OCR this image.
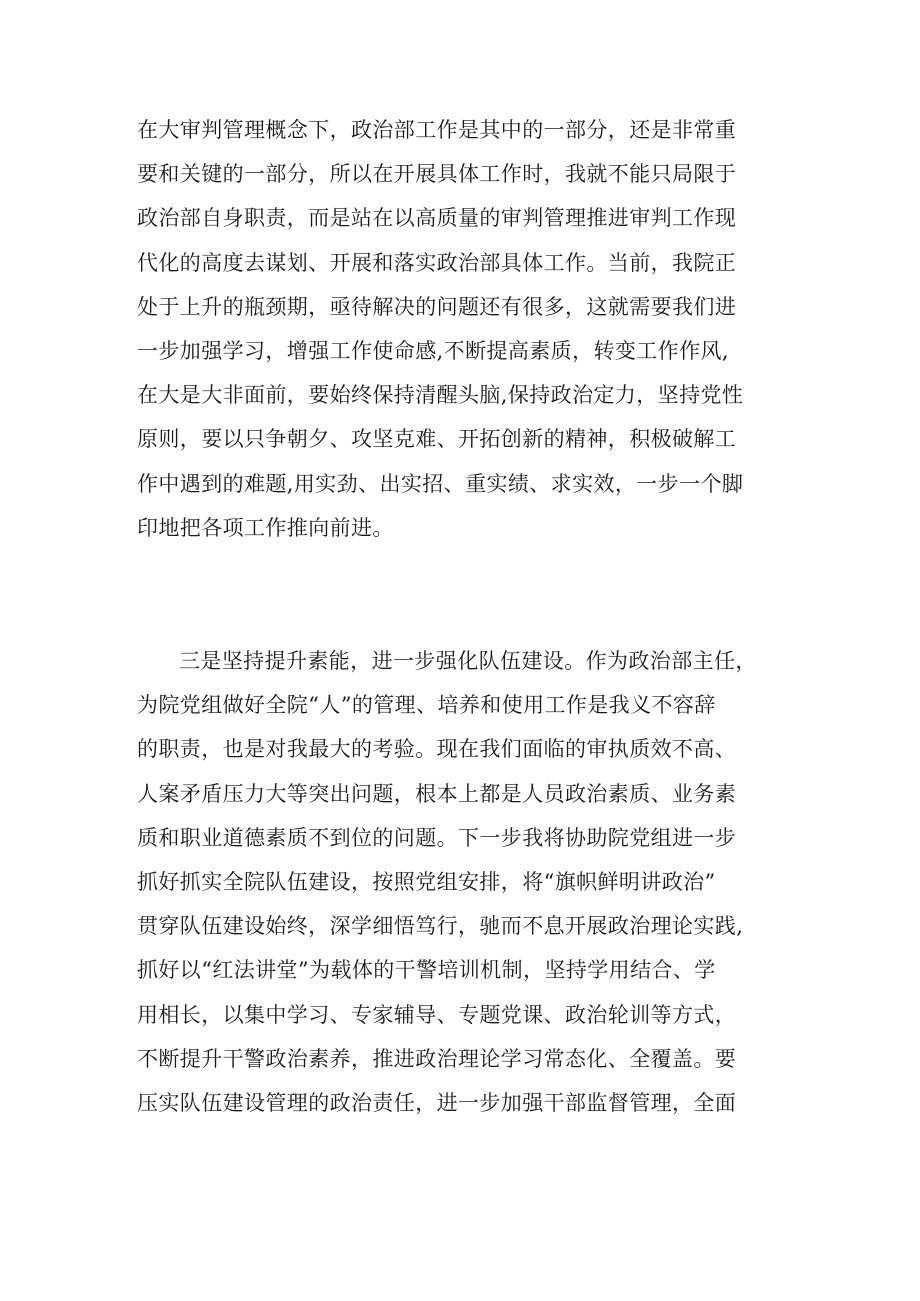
在大审判管理概念下，政治部工作是其中的一部分，还是非常重
要和关键的一部分，所以在开展具体工作时，我就不能只局限于
政治部自身职责，而是站在以高质量的审判管理推进审判工作现
代化的高度去谋划、开展和落实政治部具体工作。当前，我院正
处于上升的瓶颈期，亟待解决的问题还有很多，这就需要我们进
一步加强学习，增强工作使命感,不断提高素质，转变工作作风,
在大是大非面前，要始终保持清醒头脑,保持政治定力，坚持党性
原则，要以只争朝夕、攻坚克难、开拓创新的精神，积极破解工
作中遇到的难题,用实劲、出实招、重实绩、求实效，一步一个脚
印地把各项工作推向前进。
三是坚持提升素能，进一步强化队伍建设。作为政治部主任，
为院党组做好全院“人”的管理、培养和使用工作是我义不容辞
的职责，也是对我最大的考验。现在我们面临的审执质效不高、
人案矛盾压力大等突出问题，根本上都是人员政治素质、业务素
质和职业道德素质不到位的问题。下一步我将协助院党组进一步
抓好抓实全院队伍建设，按照党组安排，将“旗帜鲜明讲政治”
贯穿队伍建设始终，深学细悟笃行，驰而不息开展政治理论实践,
抓好以“红法讲堂”为载体的干警培训机制，坚持学用结合、学
用相长，以集中学习、专家辅导、专题党课、政治轮训等方式，
不断提升干警政治素养，推进政治理论学习常态化、全覆盖。要
压实队伍建设管理的政治责任，进一步加强干部监督管理，全面
